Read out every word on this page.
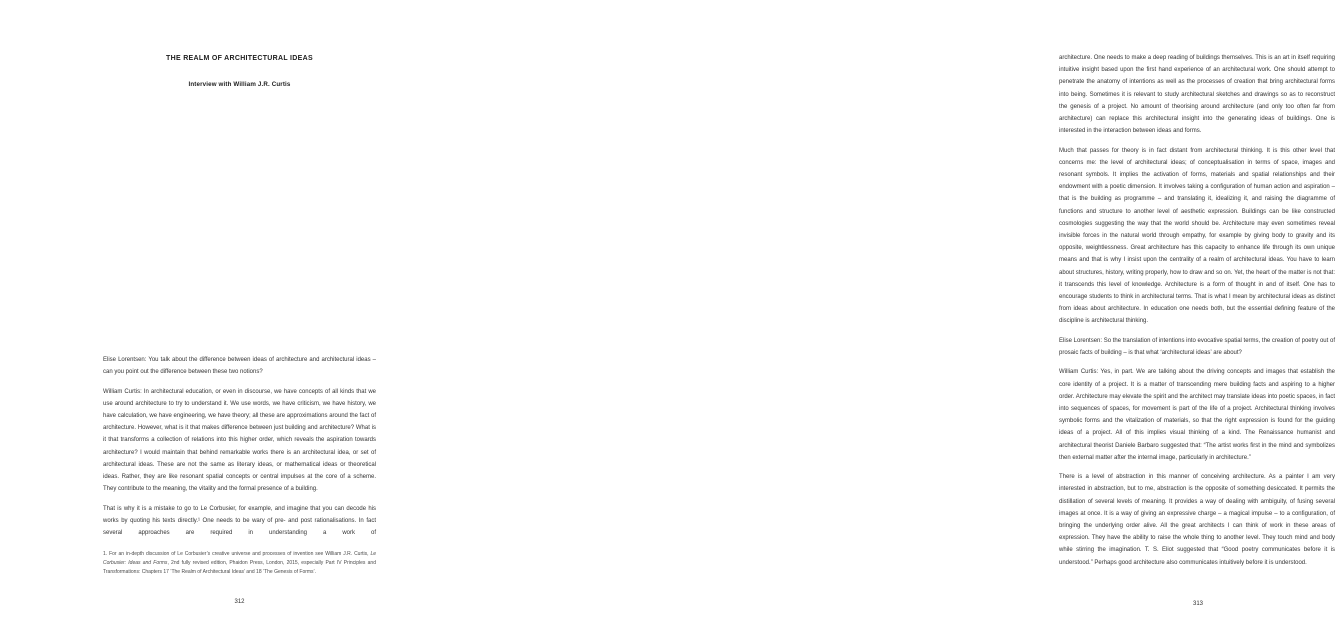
THE REALM OF ARCHITECTURAL IDEAS
Interview with William J.R. Curtis

Elise Lorentsen: You talk about the difference between ideas of architecture and architectural ideas – can you point out the difference between these two notions?

William Curtis: In architectural education, or even in discourse, we have concepts of all kinds that we use around architecture to try to understand it. We use words, we have criticism, we have history, we have calculation, we have engineering, we have theory; all these are approximations around the fact of architecture. However, what is it that makes difference between just building and architecture? What is it that transforms a collection of relations into this higher order, which reveals the aspiration towards architecture? I would maintain that behind remarkable works there is an architectural idea, or set of architectural ideas. These are not the same as literary ideas, or mathematical ideas or theoretical ideas. Rather, they are like resonant spatial concepts or central impulses at the core of a scheme. They contribute to the meaning, the vitality and the formal presence of a building.

That is why it is a mistake to go to Le Corbusier, for example, and imagine that you can decode his works by quoting his texts directly.¹ One needs to be wary of pre- and post rationalisations. In fact several approaches are required in understanding a work of

1. For an in-depth discussion of Le Corbusier’s creative universe and processes of invention see William J.R. Curtis, Le Corbusier: Ideas and Forms, 2nd fully revised edition, Phaidon Press, London, 2015, especially Part IV Principles and Transformations: Chapters 17 ‘The Realm of Architectural Ideas’ and 18 ‘The Genesis of Forms’.
312

architecture. One needs to make a deep reading of buildings themselves. This is an art in itself requiring intuitive insight based upon the first hand experience of an architectural work. One should attempt to penetrate the anatomy of intentions as well as the processes of creation that bring architectural forms into being. Sometimes it is relevant to study architectural sketches and drawings so as to reconstruct the genesis of a project. No amount of theorising around architecture (and only too often far from architecture) can replace this architectural insight into the generating ideas of buildings. One is interested in the interaction between ideas and forms.

Much that passes for theory is in fact distant from architectural thinking. It is this other level that concerns me: the level of architectural ideas; of conceptualisation in terms of space, images and resonant symbols. It implies the activation of forms, materials and spatial relationships and their endowment with a poetic dimension. It involves taking a configuration of human action and aspiration – that is the building as programme – and translating it, idealizing it, and raising the diagramme of functions and structure to another level of aesthetic expression. Buildings can be like constructed cosmologies suggesting the way that the world should be. Architecture may even sometimes reveal invisible forces in the natural world through empathy, for example by giving body to gravity and its opposite, weightlessness. Great architecture has this capacity to enhance life through its own unique means and that is why I insist upon the centrality of a realm of architectural ideas. You have to learn about structures, history, writing properly, how to draw and so on. Yet, the heart of the matter is not that: it transcends this level of knowledge. Architecture is a form of thought in and of itself. One has to encourage students to think in architectural terms. That is what I mean by architectural ideas as distinct from ideas about architecture. In education one needs both, but the essential defining feature of the discipline is architectural thinking.

Elise Lorentsen: So the translation of intentions into evocative spatial terms, the creation of poetry out of prosaic facts of building – is that what ‘architectural ideas’ are about?

William Curtis: Yes, in part. We are talking about the driving concepts and images that establish the core identity of a project. It is a matter of transcending mere building facts and aspiring to a higher order. Architecture may elevate the spirit and the architect may translate ideas into poetic spaces, in fact into sequences of spaces, for movement is part of the life of a project. Architectural thinking involves symbolic forms and the vitalization of materials, so that the right expression is found for the guiding ideas of a project. All of this implies visual thinking of a kind. The Renaissance humanist and architectural theorist Daniele Barbaro suggested that: “The artist works first in the mind and symbolizes then external matter after the internal image, particularly in architecture.”

There is a level of abstraction in this manner of conceiving architecture. As a painter I am very interested in abstraction, but to me, abstraction is the opposite of something desiccated. It permits the distillation of several levels of meaning. It provides a way of dealing with ambiguity, of fusing several images at once. It is a way of giving an expressive charge – a magical impulse – to a configuration, of bringing the underlying order alive. All the great architects I can think of work in these areas of expression. They have the ability to raise the whole thing to another level. They touch mind and body while stirring the imagination. T. S. Eliot suggested that “Good poetry communicates before it is understood.” Perhaps good architecture also communicates intuitively before it is understood.

313
